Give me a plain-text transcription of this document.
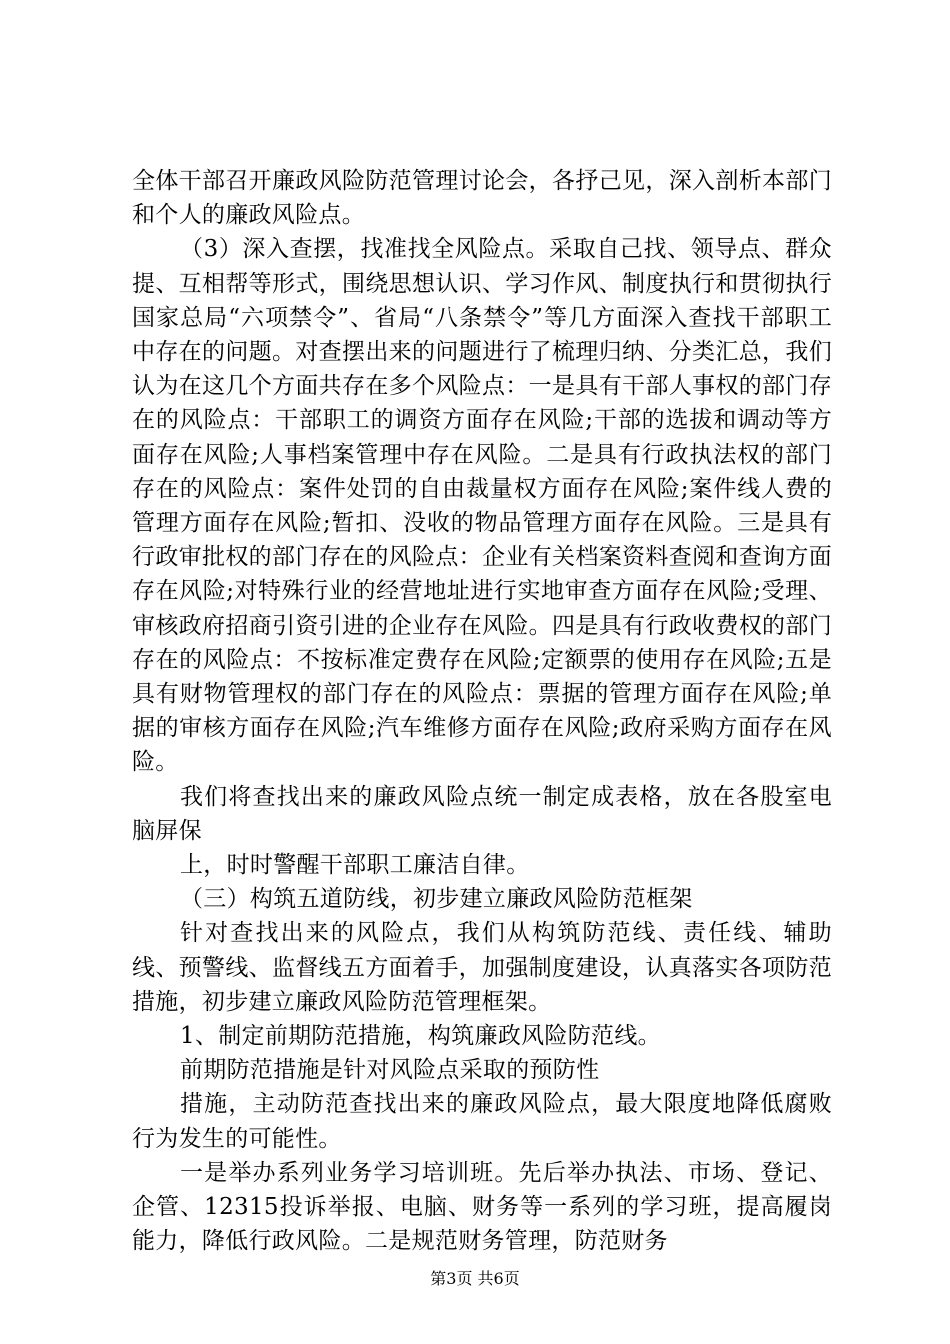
全体干部召开廉政风险防范管理讨论会，各抒己见，深入剖析本部门和个人的廉政风险点。

（3）深入查摆，找准找全风险点。采取自己找、领导点、群众提、互相帮等形式，围绕思想认识、学习作风、制度执行和贯彻执行国家总局“六项禁令”、省局“八条禁令”等几方面深入查找干部职工中存在的问题。对查摆出来的问题进行了梳理归纳、分类汇总，我们认为在这几个方面共存在多个风险点：一是具有干部人事权的部门存在的风险点：干部职工的调资方面存在风险;干部的选拔和调动等方面存在风险;人事档案管理中存在风险。二是具有行政执法权的部门存在的风险点：案件处罚的自由裁量权方面存在风险;案件线人费的管理方面存在风险;暂扣、没收的物品管理方面存在风险。三是具有行政审批权的部门存在的风险点：企业有关档案资料查阅和查询方面存在风险;对特殊行业的经营地址进行实地审查方面存在风险;受理、审核政府招商引资引进的企业存在风险。四是具有行政收费权的部门存在的风险点：不按标准定费存在风险;定额票的使用存在风险;五是具有财物管理权的部门存在的风险点：票据的管理方面存在风险;单据的审核方面存在风险;汽车维修方面存在风险;政府采购方面存在风险。

我们将查找出来的廉政风险点统一制定成表格，放在各股室电脑屏保

上，时时警醒干部职工廉洁自律。

（三）构筑五道防线，初步建立廉政风险防范框架

针对查找出来的风险点，我们从构筑防范线、责任线、辅助线、预警线、监督线五方面着手，加强制度建设，认真落实各项防范措施，初步建立廉政风险防范管理框架。

1、制定前期防范措施，构筑廉政风险防范线。

前期防范措施是针对风险点采取的预防性

措施，主动防范查找出来的廉政风险点，最大限度地降低腐败行为发生的可能性。

一是举办系列业务学习培训班。先后举办执法、市场、登记、企管、12315投诉举报、电脑、财务等一系列的学习班，提高履岗能力，降低行政风险。二是规范财务管理，防范财务

第3页 共6页
